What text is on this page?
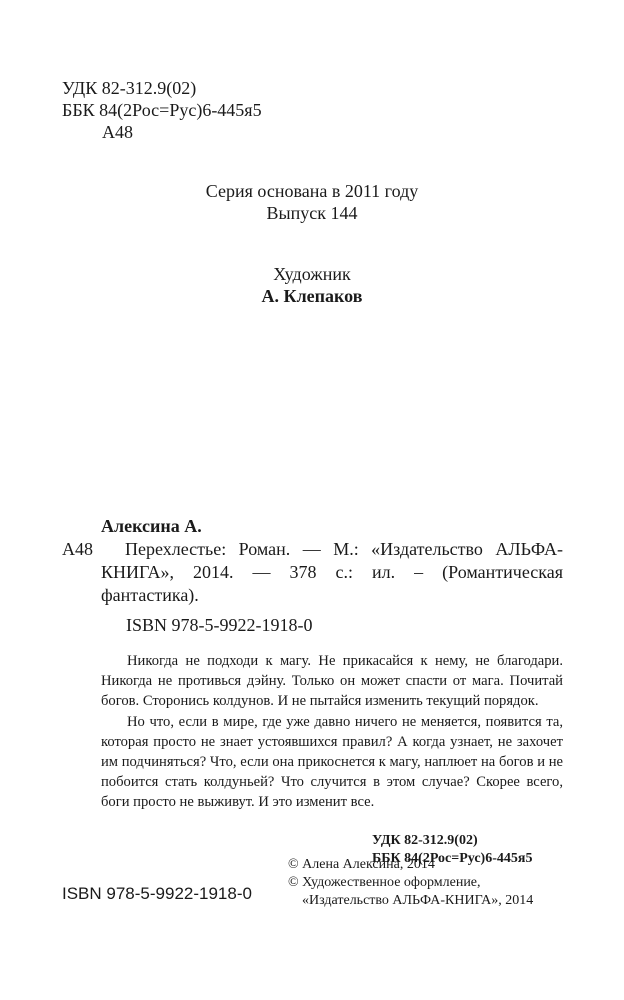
УДК 82-312.9(02)
ББК 84(2Рос=Рус)6-445я5
А48
Серия основана в 2011 году
Выпуск 144
Художник
А. Клепаков
Алексина А.
А48	Перехлестье: Роман. — М.: «Издательство АЛЬФА-КНИГА», 2014. — 378 с.: ил. – (Романтическая фантастика).
ISBN 978-5-9922-1918-0

Никогда не подходи к магу. Не прикасайся к нему, не благодари. Никогда не противься дэйну. Только он может спасти от мага. Почитай богов. Сторонись колдунов. И не пытайся изменить текущий порядок.

Но что, если в мире, где уже давно ничего не меняется, появится та, которая просто не знает устоявшихся правил? А когда узнает, не захочет им подчиняться? Что, если она прикоснется к магу, наплюет на богов и не побоится стать колдуньей? Что случится в этом случае? Скорее всего, боги просто не выживут. И это изменит все.

УДК 82-312.9(02)
ББК 84(2Рос=Рус)6-445я5
ISBN 978-5-9922-1918-0
© Алена Алексина, 2014
© Художественное оформление,
«Издательство АЛЬФА-КНИГА», 2014
